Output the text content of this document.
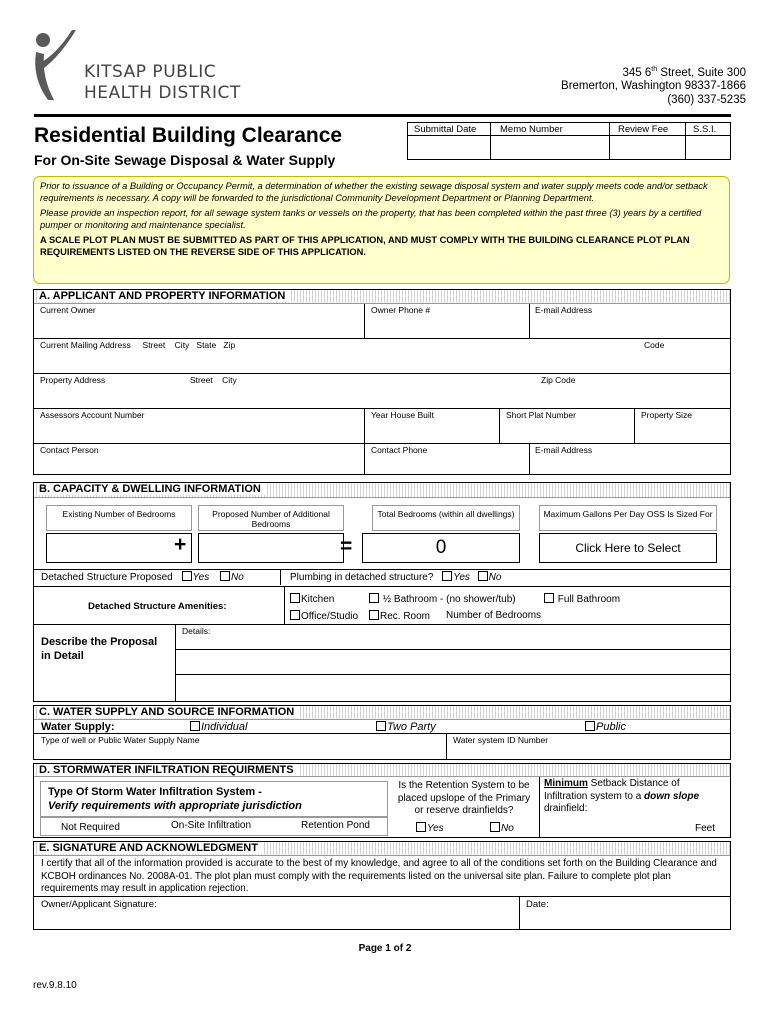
KITSAP PUBLIC
HEALTH DISTRICT
345 6th Street, Suite 300
Bremerton, Washington 98337-1866
(360) 337-5235
Residential Building Clearance
For On-Site Sewage Disposal & Water Supply
Submittal Date Memo Number	Review Fee	S.S.I.
Prior to issuance of a Building or Occupancy Permit, a determination of whether the existing sewage disposal system and water supply meets code and/or setback requirements is necessary. A copy will be forwarded to the jurisdictional Community Development Department or Planning Department.
Please provide an inspection report, for all sewage system tanks or vessels on the property, that has been completed within the past three (3) years by a certified pumper or monitoring and maintenance specialist.
A SCALE PLOT PLAN MUST BE SUBMITTED AS PART OF THIS APPLICATION, AND MUST COMPLY WITH THE BUILDING CLEARANCE PLOT PLAN REQUIREMENTS LISTED ON THE REVERSE SIDE OF THIS APPLICATION.
A. APPLICANT AND PROPERTY INFORMATION
Current Owner	Owner Phone #	E-mail Address
Current Mailing Address Street City State Zip	Code
Property Address	Street City	Zip Code
Assessors Account Number	Year House Built	Short Plat Number	Property Size
Contact Person	Contact Phone	E-mail Address
B. CAPACITY & DWELLING INFORMATION
Existing Number of Bedrooms
+
Proposed Number of Additional Bedrooms
=
Total Bedrooms (within all dwellings)
0
Maximum Gallons Per Day OSS Is Sized For
Click Here to Select
Detached Structure Proposed Yes No	Plumbing in detached structure? Yes No
Detached Structure Amenities:
Kitchen	½ Bathroom - (no shower/tub)	Full Bathroom
Office/Studio	Rec. Room Number of Bedrooms
Describe the Proposal in Detail
Details:
C. WATER SUPPLY AND SOURCE INFORMATION
Water Supply:	Individual	Two Party	Public
Type of well or Public Water Supply Name	Water system ID Number
D. STORMWATER INFILTRATION REQUIRMENTS
Type Of Storm Water Infiltration System -
Verify requirements with appropriate jurisdiction
Not Required	On-Site Infiltration	Retention Pond
Is the Retention System to be placed upslope of the Primary or reserve drainfields?
Yes	No
Minimum Setback Distance of Infiltration system to a down slope drainfield:
Feet
E. SIGNATURE AND ACKNOWLEDGMENT
I certify that all of the information provided is accurate to the best of my knowledge, and agree to all of the conditions set forth on the Building Clearance and KCBOH ordinances No. 2008A-01. The plot plan must comply with the requirements listed on the universal site plan. Failure to complete plot plan requirements may result in application rejection.
Owner/Applicant Signature:	Date:
Page 1 of 2
rev.9.8.10
